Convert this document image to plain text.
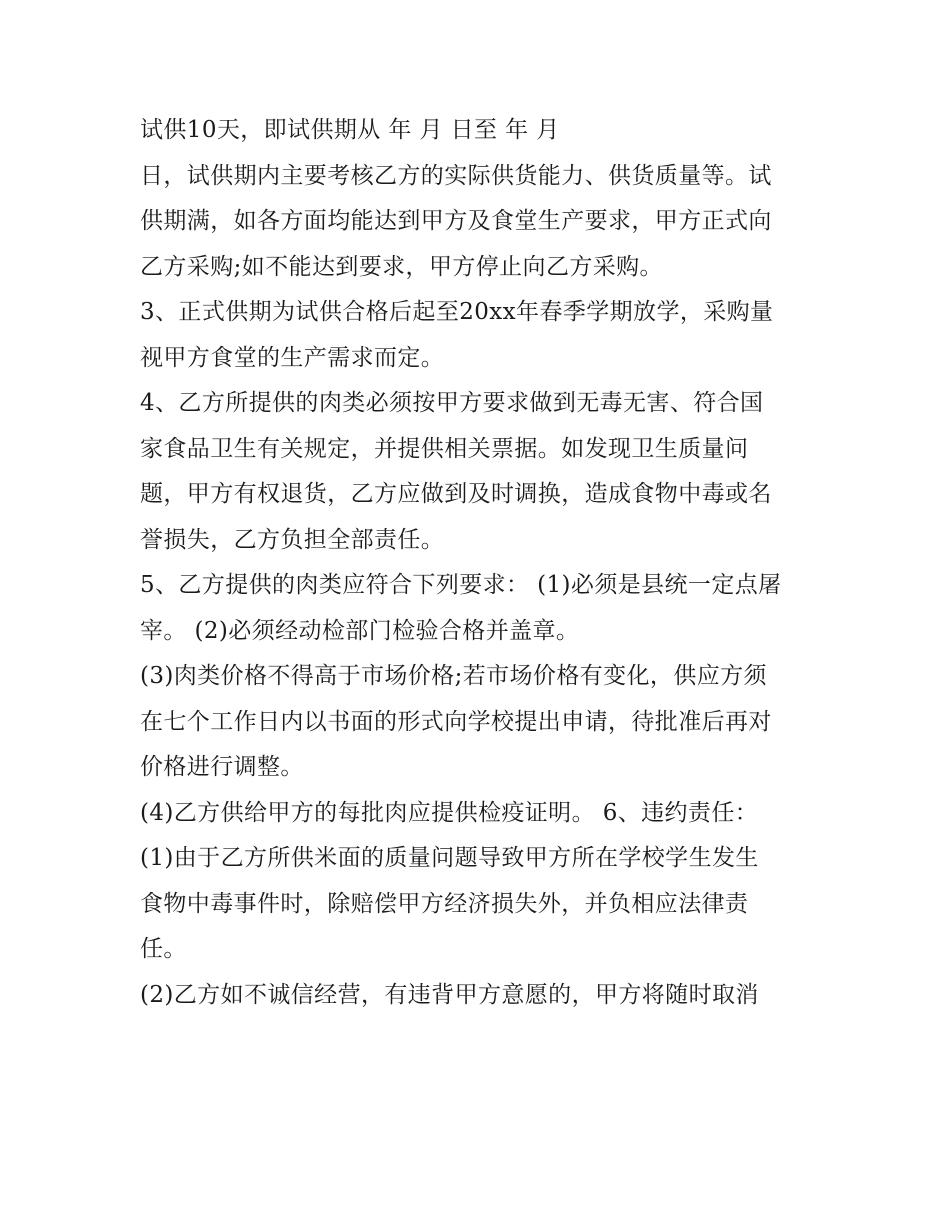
试供10天，即试供期从 年 月 日至 年 月
日，试供期内主要考核乙方的实际供货能力、供货质量等。试
供期满，如各方面均能达到甲方及食堂生产要求，甲方正式向
乙方采购;如不能达到要求，甲方停止向乙方采购。
3、正式供期为试供合格后起至20xx年春季学期放学，采购量
视甲方食堂的生产需求而定。
4、乙方所提供的肉类必须按甲方要求做到无毒无害、符合国
家食品卫生有关规定，并提供相关票据。如发现卫生质量问
题，甲方有权退货，乙方应做到及时调换，造成食物中毒或名
誉损失，乙方负担全部责任。
5、乙方提供的肉类应符合下列要求： (1)必须是县统一定点屠
宰。 (2)必须经动检部门检验合格并盖章。
(3)肉类价格不得高于市场价格;若市场价格有变化，供应方须
在七个工作日内以书面的形式向学校提出申请，待批准后再对
价格进行调整。
(4)乙方供给甲方的每批肉应提供检疫证明。 6、违约责任：
(1)由于乙方所供米面的质量问题导致甲方所在学校学生发生
食物中毒事件时，除赔偿甲方经济损失外，并负相应法律责
任。
(2)乙方如不诚信经营，有违背甲方意愿的，甲方将随时取消
